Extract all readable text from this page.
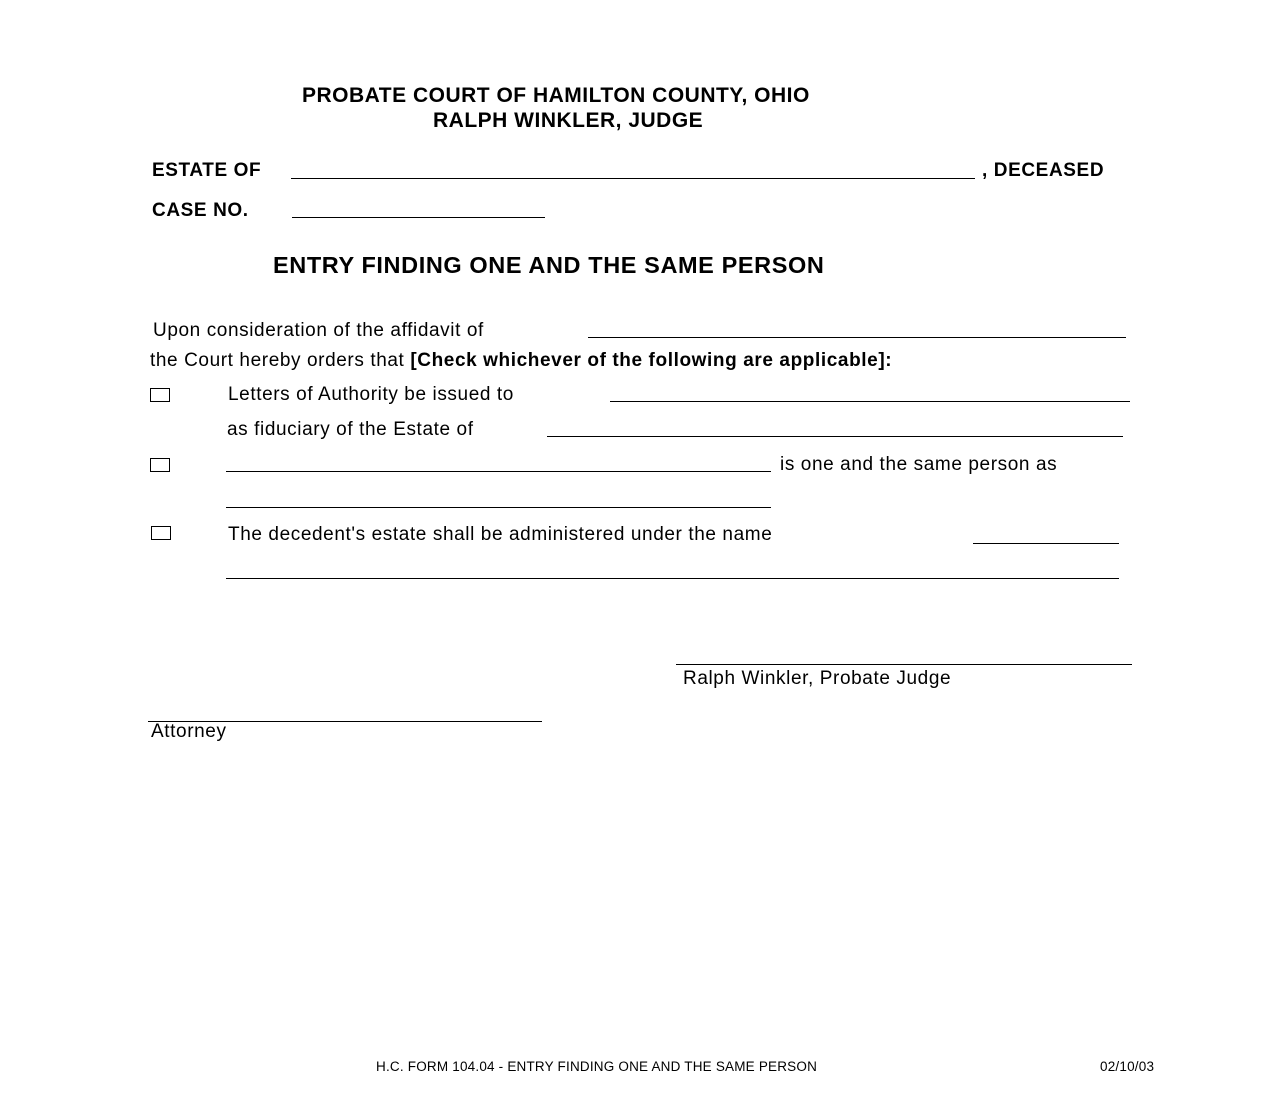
PROBATE COURT OF HAMILTON COUNTY, OHIO
RALPH WINKLER, JUDGE
ESTATE OF	, DECEASED
CASE NO.
ENTRY FINDING ONE AND THE SAME PERSON
Upon consideration of the affidavit of
the Court hereby orders that [Check whichever of the following are applicable]:
Letters of Authority be issued to
as fiduciary of the Estate of
is one and the same person as
The decedent's estate shall be administered under the name
Ralph Winkler, Probate Judge
Attorney
H.C. FORM 104.04 - ENTRY FINDING ONE AND THE SAME PERSON	02/10/03
